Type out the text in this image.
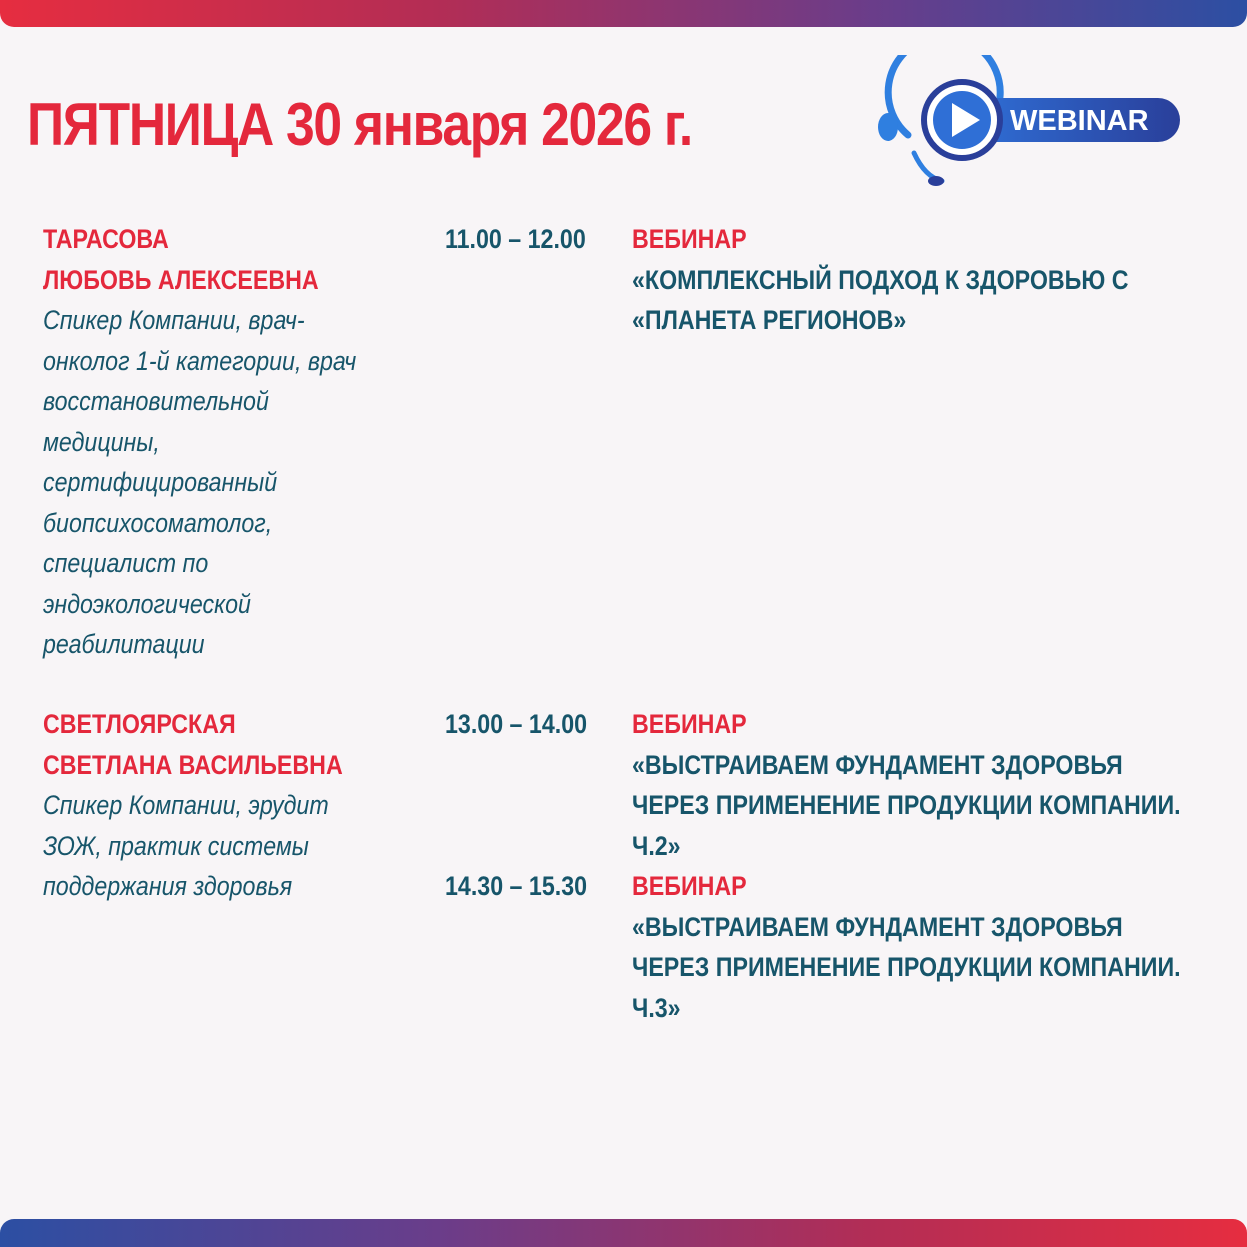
ПЯТНИЦА 30 января 2026 г.	WEBINAR
ТАРАСОВА
ЛЮБОВЬ АЛЕКСЕЕВНА
Спикер Компании, врач-
онколог 1-й категории, врач
восстановительной
медицины,
сертифицированный
биопсихосоматолог,
специалист по
эндоэкологической
реабилитации
11.00 – 12.00 ВЕБИНАР
«КОМПЛЕКСНЫЙ ПОДХОД К ЗДОРОВЬЮ С
«ПЛАНЕТА РЕГИОНОВ»
СВЕТЛОЯРСКАЯ
СВЕТЛАНА ВАСИЛЬЕВНА
Спикер Компании, эрудит
ЗОЖ, практик системы
поддержания здоровья
13.00 – 14.00 ВЕБИНАР
«ВЫСТРАИВАЕМ ФУНДАМЕНТ ЗДОРОВЬЯ
ЧЕРЕЗ ПРИМЕНЕНИЕ ПРОДУКЦИИ КОМПАНИИ.
Ч.2»
14.30 – 15.30 ВЕБИНАР
«ВЫСТРАИВАЕМ ФУНДАМЕНТ ЗДОРОВЬЯ
ЧЕРЕЗ ПРИМЕНЕНИЕ ПРОДУКЦИИ КОМПАНИИ.
Ч.3»
